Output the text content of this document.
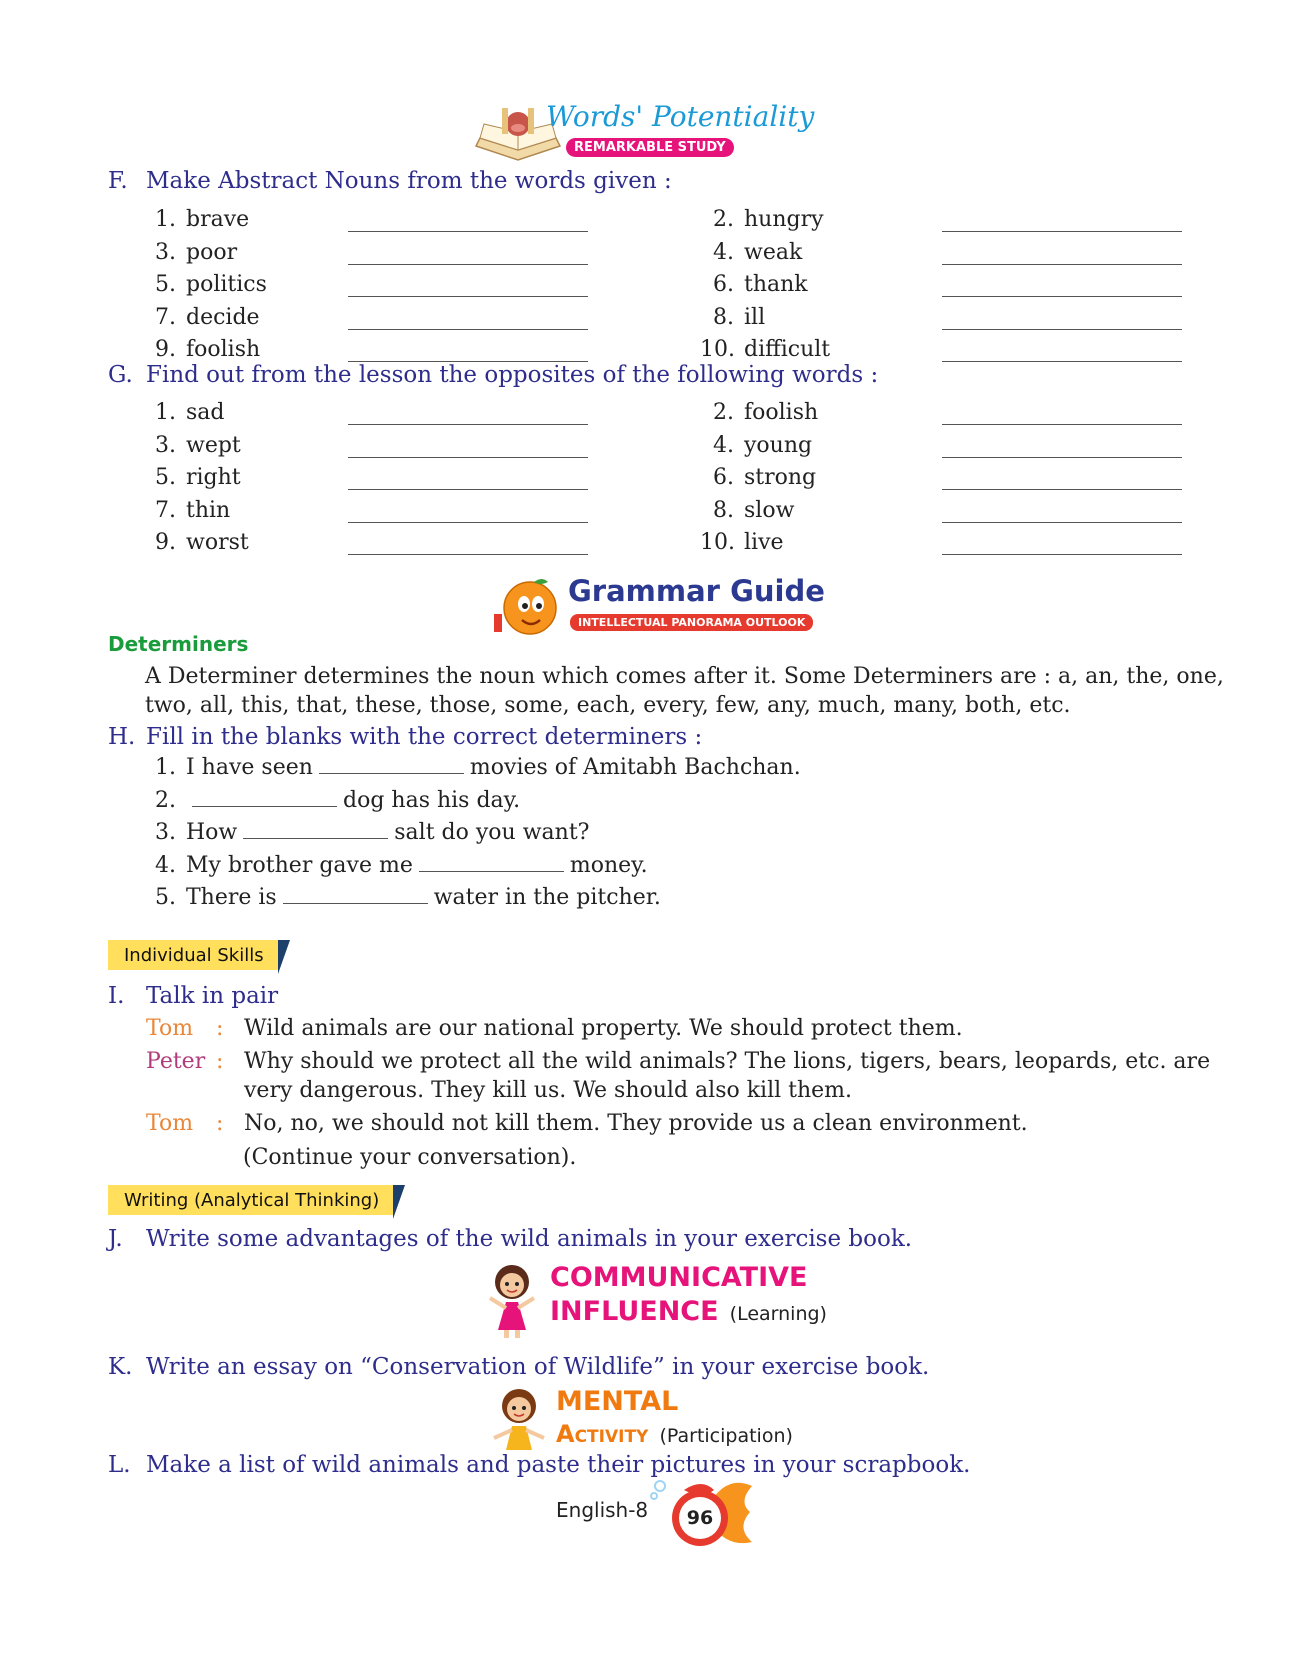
Words' Potentiality
REMARKABLE STUDY
F. Make Abstract Nouns from the words given :
1. brave	2. hungry
3. poor	4. weak
5. politics	6. thank
7. decide	8. ill
9. foolish	10. difficult
G. Find out from the lesson the opposites of the following words :
1. sad	2. foolish
3. wept	4. young
5. right	6. strong
7. thin	8. slow
9. worst	10. live
Grammar Guide
INTELLECTUAL PANORAMA OUTLOOK
Determiners
A Determiner determines the noun which comes after it. Some Determiners are : a, an, the, one,
two, all, this, that, these, those, some, each, every, few, any, much, many, both, etc.
H. Fill in the blanks with the correct determiners :
1. I have seen	movies of Amitabh Bachchan.
2.	dog has his day.
3. How	salt do you want?
4. My brother gave me	money.
5. There is	water in the pitcher.
Individual Skills
I. Talk in pair
Tom : Wild animals are our national property. We should protect them.
Peter : Why should we protect all the wild animals? The lions, tigers, bears, leopards, etc. are
very dangerous. They kill us. We should also kill them.
Tom : No, no, we should not kill them. They provide us a clean environment.
(Continue your conversation).
Writing (Analytical Thinking)
J. Write some advantages of the wild animals in your exercise book.
COMMUNICATIVE
INFLUENCE (Learning)
K. Write an essay on “Conservation of Wildlife” in your exercise book.
MENTAL
Activity (Participation)
L. Make a list of wild animals and paste their pictures in your scrapbook.
English-8	96
